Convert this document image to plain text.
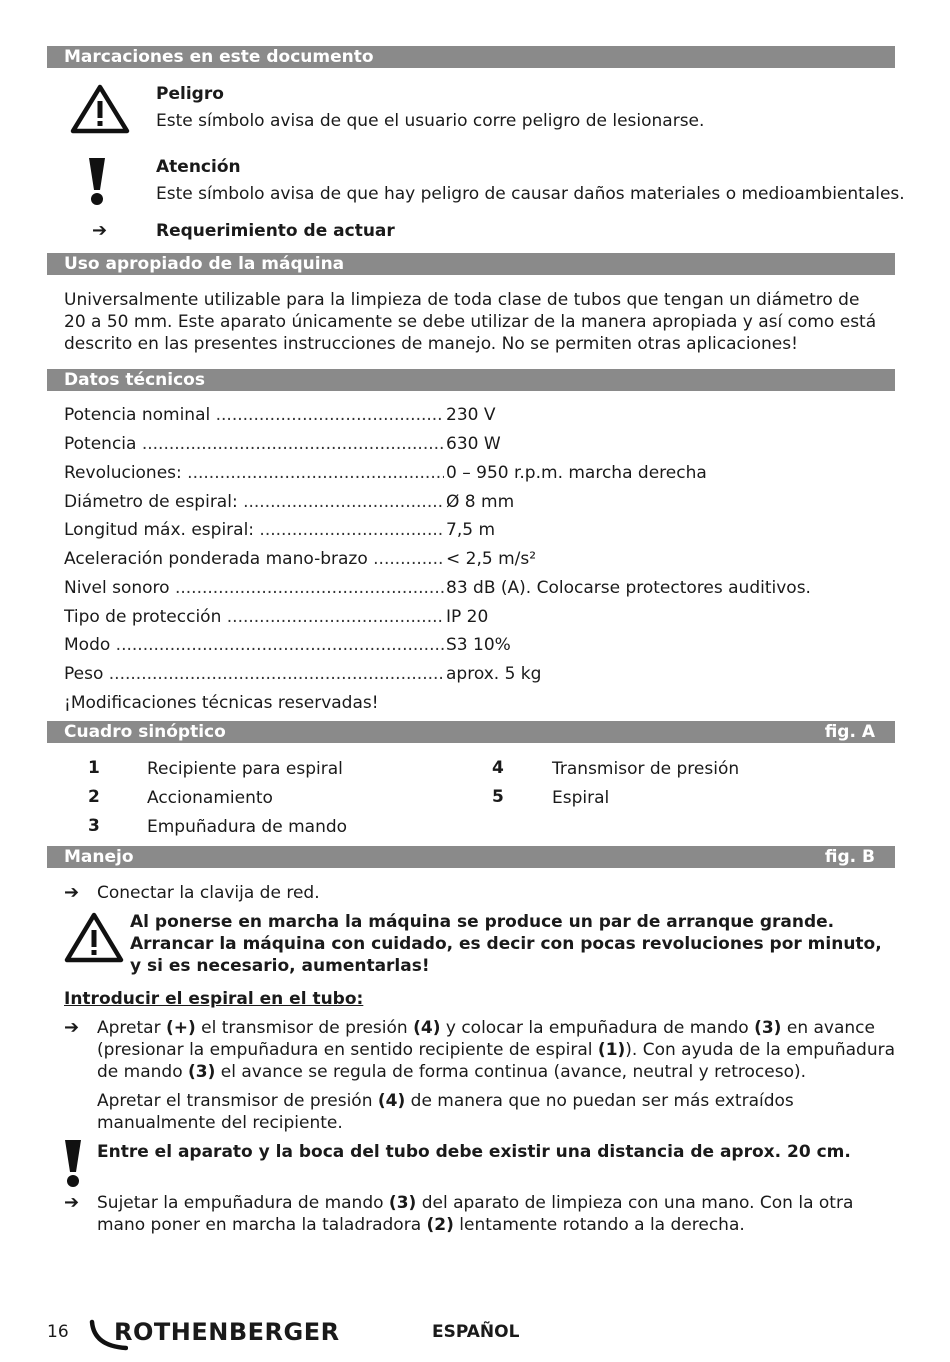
Marcaciones en este documento
Peligro
Este símbolo avisa de que el usuario corre peligro de lesionarse.
Atención
Este símbolo avisa de que hay peligro de causar daños materiales o medioambientales.
➔	Requerimiento de actuar
Uso apropiado de la máquina
Universalmente utilizable para la limpieza de toda clase de tubos que tengan un diámetro de 20 a 50 mm. Este aparato únicamente se debe utilizar de la manera apropiada y así como está descrito en las presentes instrucciones de manejo. No se permiten otras aplicaciones!
Datos técnicos
Potencia nominal .....	230 V
Potencia .....	630 W
Revoluciones: .....	0 – 950 r.p.m. marcha derecha
Diámetro de espiral: .....	Ø 8 mm
Longitud máx. espiral: .....	7,5 m
Aceleración ponderada mano-brazo .....	< 2,5 m/s²
Nivel sonoro .....	83 dB (A). Colocarse protectores auditivos.
Tipo de protección .....	IP 20
Modo .....	S3 10%
Peso .....	aprox. 5 kg
¡Modificaciones técnicas reservadas!
Cuadro sinóptico	fig. A
1	Recipiente para espiral
2	Accionamiento
3	Empuñadura de mando
4	Transmisor de presión
5	Espiral
Manejo	fig. B
➔ Conectar la clavija de red.
Al ponerse en marcha la máquina se produce un par de arranque grande. Arrancar la máquina con cuidado, es decir con pocas revoluciones por minuto, y si es necesario, aumentarlas!
Introducir el espiral en el tubo:
➔ Apretar (+) el transmisor de presión (4) y colocar la empuñadura de mando (3) en avance (presionar la empuñadura en sentido recipiente de espiral (1)). Con ayuda de la empuñadura de mando (3) el avance se regula de forma continua (avance, neutral y retroceso).
Apretar el transmisor de presión (4) de manera que no puedan ser más extraídos manualmente del recipiente.
Entre el aparato y la boca del tubo debe existir una distancia de aprox. 20 cm.
➔ Sujetar la empuñadura de mando (3) del aparato de limpieza con una mano. Con la otra mano poner en marcha la taladradora (2) lentamente rotando a la derecha.
16 ROTHENBERGER	ESPAÑOL
